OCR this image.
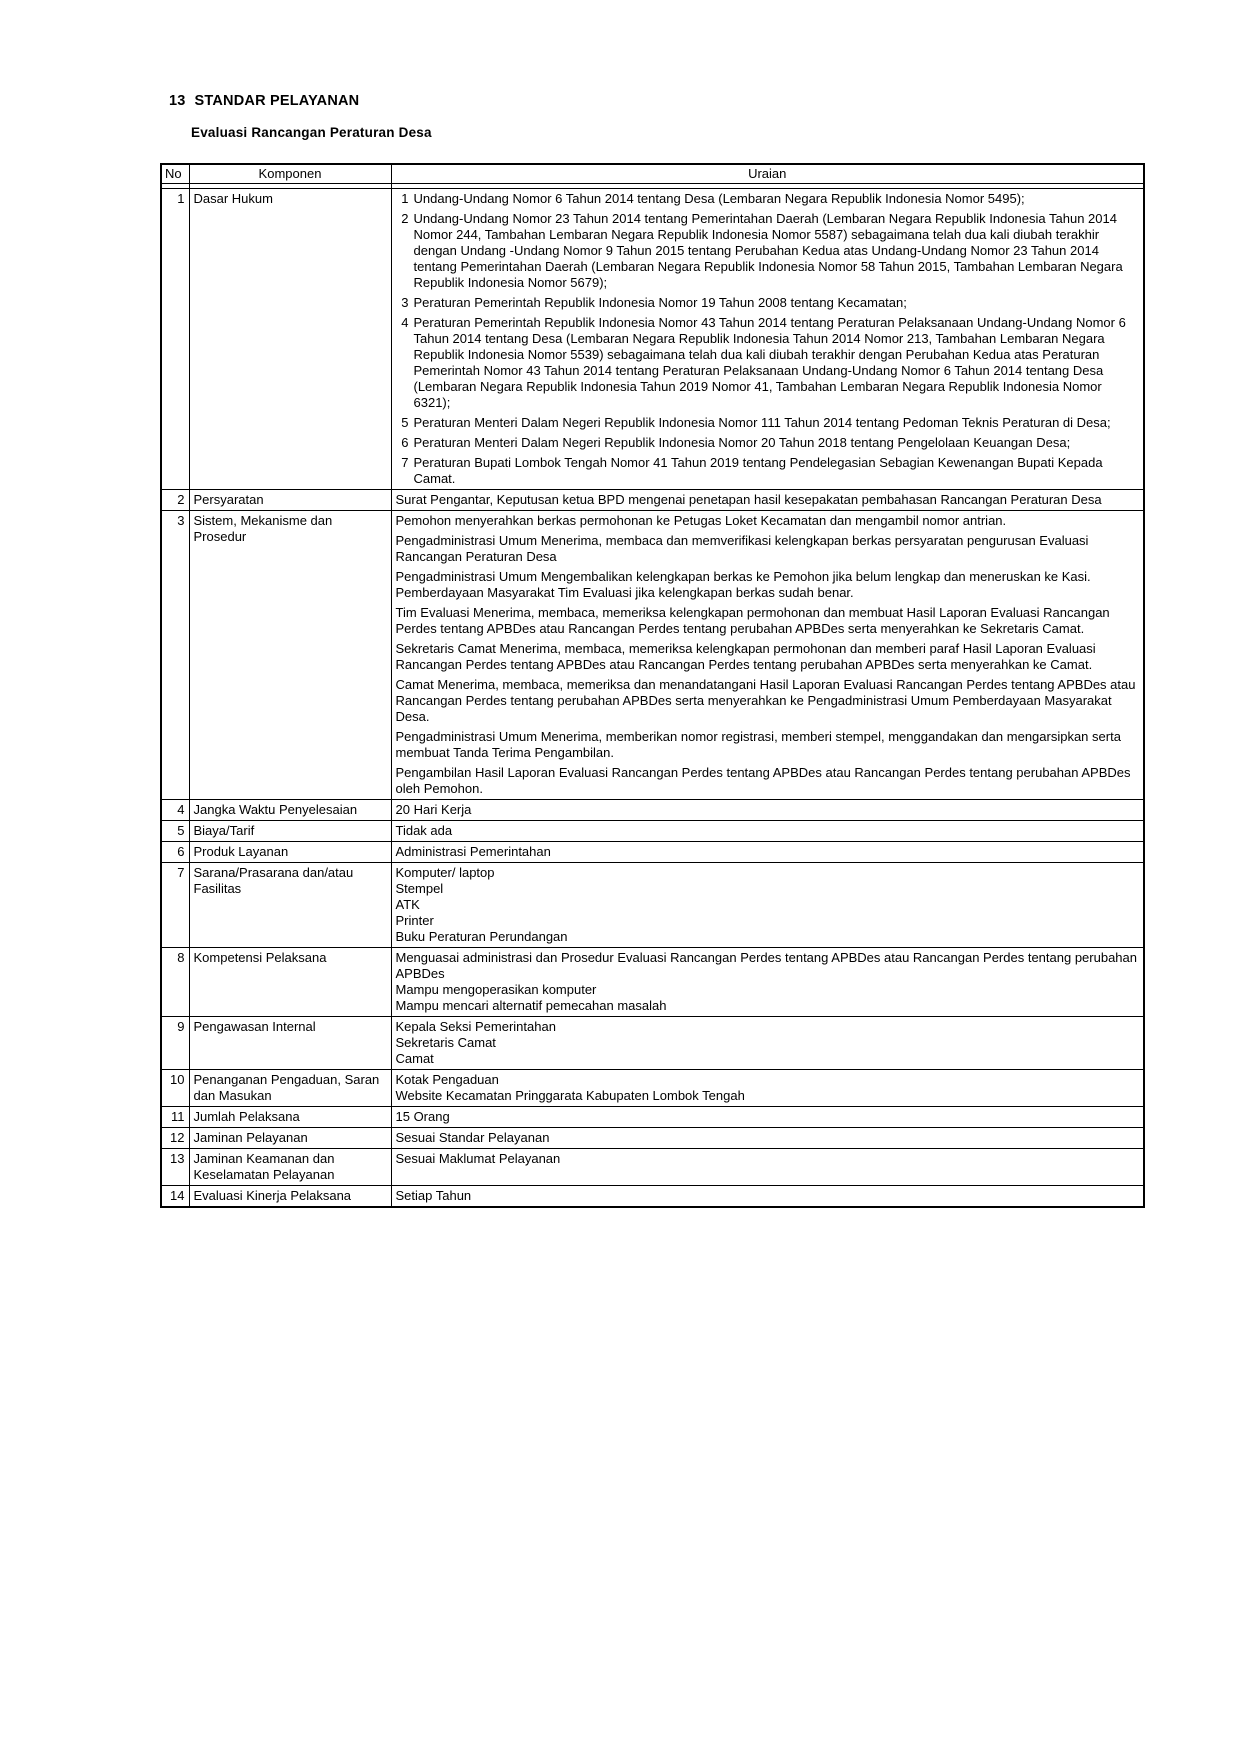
13 STANDAR PELAYANAN
Evaluasi Rancangan Peraturan Desa
No	Komponen	Uraian

1	Dasar Hukum	1 Undang-Undang Nomor 6 Tahun 2014 tentang Desa (Lembaran Negara Republik Indonesia Nomor 5495);
2 Undang-Undang Nomor 23 Tahun 2014 tentang Pemerintahan Daerah (Lembaran Negara Republik Indonesia Tahun 2014 Nomor 244, Tambahan Lembaran Negara Republik Indonesia Nomor 5587) sebagaimana telah dua kali diubah terakhir dengan Undang -Undang Nomor 9 Tahun 2015 tentang Perubahan Kedua atas Undang-Undang Nomor 23 Tahun 2014 tentang Pemerintahan Daerah (Lembaran Negara Republik Indonesia Nomor 58 Tahun 2015, Tambahan Lembaran Negara Republik Indonesia Nomor 5679);
3 Peraturan Pemerintah Republik Indonesia Nomor 19 Tahun 2008 tentang Kecamatan;
4 Peraturan Pemerintah Republik Indonesia Nomor 43 Tahun 2014 tentang Peraturan Pelaksanaan Undang-Undang Nomor 6 Tahun 2014 tentang Desa (Lembaran Negara Republik Indonesia Tahun 2014 Nomor 213, Tambahan Lembaran Negara Republik Indonesia Nomor 5539) sebagaimana telah dua kali diubah terakhir dengan Perubahan Kedua atas Peraturan Pemerintah Nomor 43 Tahun 2014 tentang Peraturan Pelaksanaan Undang-Undang Nomor 6 Tahun 2014 tentang Desa (Lembaran Negara Republik Indonesia Tahun 2019 Nomor 41, Tambahan Lembaran Negara Republik Indonesia Nomor 6321);
5 Peraturan Menteri Dalam Negeri Republik Indonesia Nomor 111 Tahun 2014 tentang Pedoman Teknis Peraturan di Desa;
6 Peraturan Menteri Dalam Negeri Republik Indonesia Nomor 20 Tahun 2018 tentang Pengelolaan Keuangan Desa;
7 Peraturan Bupati Lombok Tengah Nomor 41 Tahun 2019 tentang Pendelegasian Sebagian Kewenangan Bupati Kepada Camat.

2	Persyaratan	Surat Pengantar, Keputusan ketua BPD mengenai penetapan hasil kesepakatan pembahasan Rancangan Peraturan Desa

3	Sistem, Mekanisme dan Prosedur	
Pemohon menyerahkan berkas permohonan ke Petugas Loket Kecamatan dan mengambil nomor antrian.
Pengadministrasi Umum Menerima, membaca dan memverifikasi kelengkapan berkas persyaratan pengurusan Evaluasi Rancangan Peraturan Desa
Pengadministrasi Umum Mengembalikan kelengkapan berkas ke Pemohon jika belum lengkap dan meneruskan ke Kasi. Pemberdayaan Masyarakat Tim Evaluasi jika kelengkapan berkas sudah benar.
Tim Evaluasi Menerima, membaca, memeriksa kelengkapan permohonan dan membuat Hasil Laporan Evaluasi Rancangan Perdes tentang APBDes atau Rancangan Perdes tentang perubahan APBDes serta menyerahkan ke Sekretaris Camat.
Sekretaris Camat Menerima, membaca, memeriksa kelengkapan permohonan dan memberi paraf Hasil Laporan Evaluasi Rancangan Perdes tentang APBDes atau Rancangan Perdes tentang perubahan APBDes serta menyerahkan ke Camat.
Camat Menerima, membaca, memeriksa dan menandatangani Hasil Laporan Evaluasi Rancangan Perdes tentang APBDes atau Rancangan Perdes tentang perubahan APBDes serta menyerahkan ke Pengadministrasi Umum Pemberdayaan Masyarakat Desa.
Pengadministrasi Umum Menerima, memberikan nomor registrasi, memberi stempel, menggandakan dan mengarsipkan serta membuat Tanda Terima Pengambilan.
Pengambilan Hasil Laporan Evaluasi Rancangan Perdes tentang APBDes atau Rancangan Perdes tentang perubahan APBDes oleh Pemohon.

4	Jangka Waktu Penyelesaian	20 Hari Kerja

5	Biaya/Tarif	Tidak ada

6	Produk Layanan	Administrasi Pemerintahan

7	Sarana/Prasarana dan/atau Fasilitas	Komputer/ laptop
Stempel
ATK
Printer
Buku Peraturan Perundangan

8	Kompetensi Pelaksana	Menguasai administrasi dan Prosedur Evaluasi Rancangan Perdes tentang APBDes atau Rancangan Perdes tentang perubahan APBDes
Mampu mengoperasikan komputer
Mampu mencari alternatif pemecahan masalah

9	Pengawasan Internal	Kepala Seksi Pemerintahan
Sekretaris Camat
Camat

10	Penanganan Pengaduan, Saran dan Masukan	Kotak Pengaduan
Website Kecamatan Pringgarata Kabupaten Lombok Tengah

11	Jumlah Pelaksana	15 Orang

12	Jaminan Pelayanan	Sesuai Standar Pelayanan

13	Jaminan Keamanan dan Keselamatan Pelayanan	Sesuai Maklumat Pelayanan

14	Evaluasi Kinerja Pelaksana	Setiap Tahun
